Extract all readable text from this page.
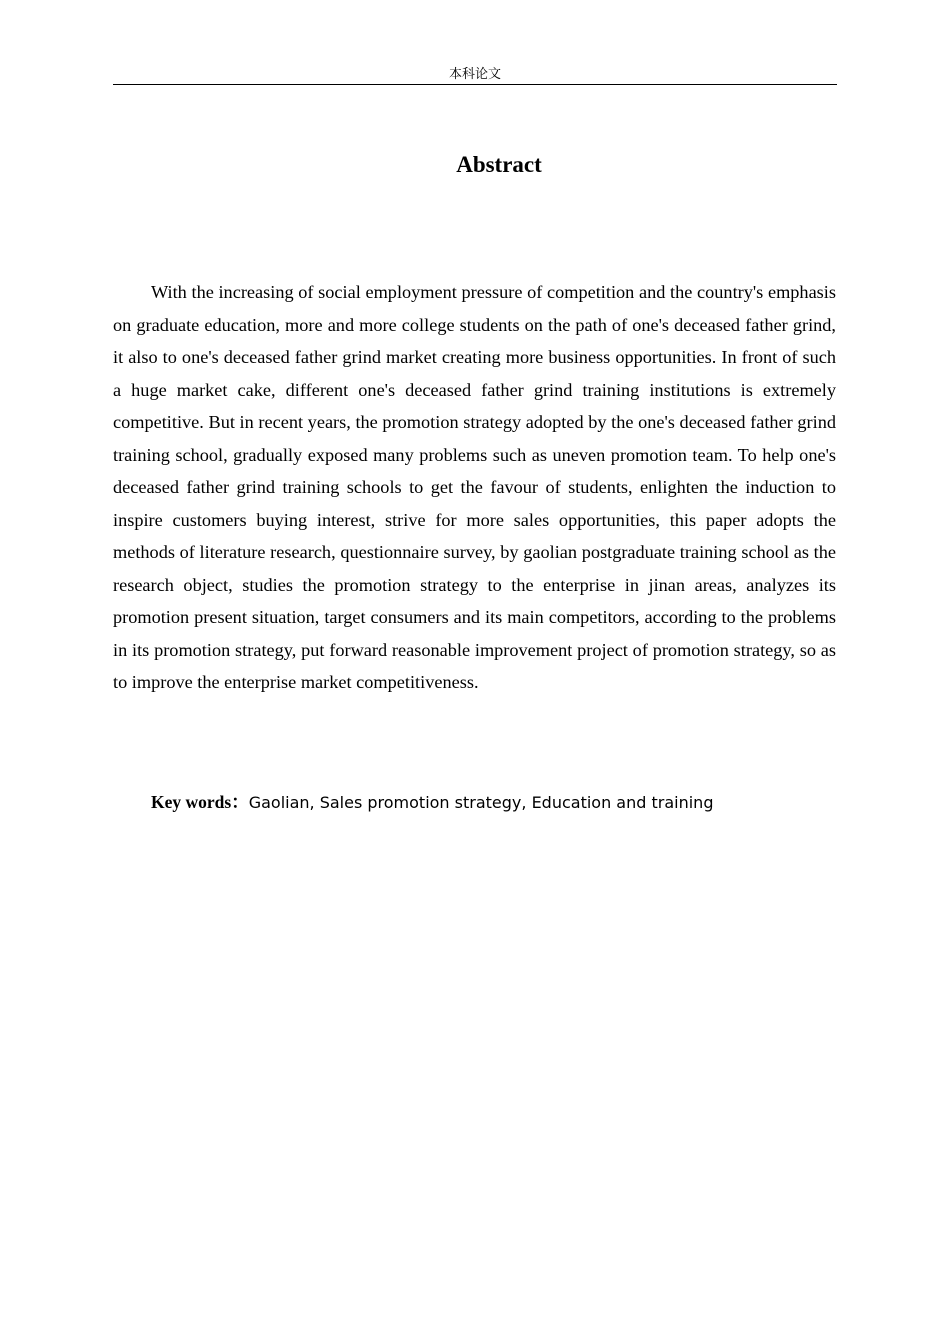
本科论文
Abstract

With the increasing of social employment pressure of competition and the country's emphasis on graduate education, more and more college students on the path of one's deceased father grind, it also to one's deceased father grind market creating more business opportunities. In front of such a huge market cake, different one's deceased father grind training institutions is extremely competitive. But in recent years, the promotion strategy adopted by the one's deceased father grind training school, gradually exposed many problems such as uneven promotion team. To help one's deceased father grind training schools to get the favour of students, enlighten the induction to inspire customers buying interest, strive for more sales opportunities, this paper adopts the methods of literature research, questionnaire survey, by gaolian postgraduate training school as the research object, studies the promotion strategy to the enterprise in jinan areas, analyzes its promotion present situation, target consumers and its main competitors, according to the problems in its promotion strategy, put forward reasonable improvement project of promotion strategy, so as to improve the enterprise market competitiveness.

Key words：Gaolian, Sales promotion strategy, Education and training
